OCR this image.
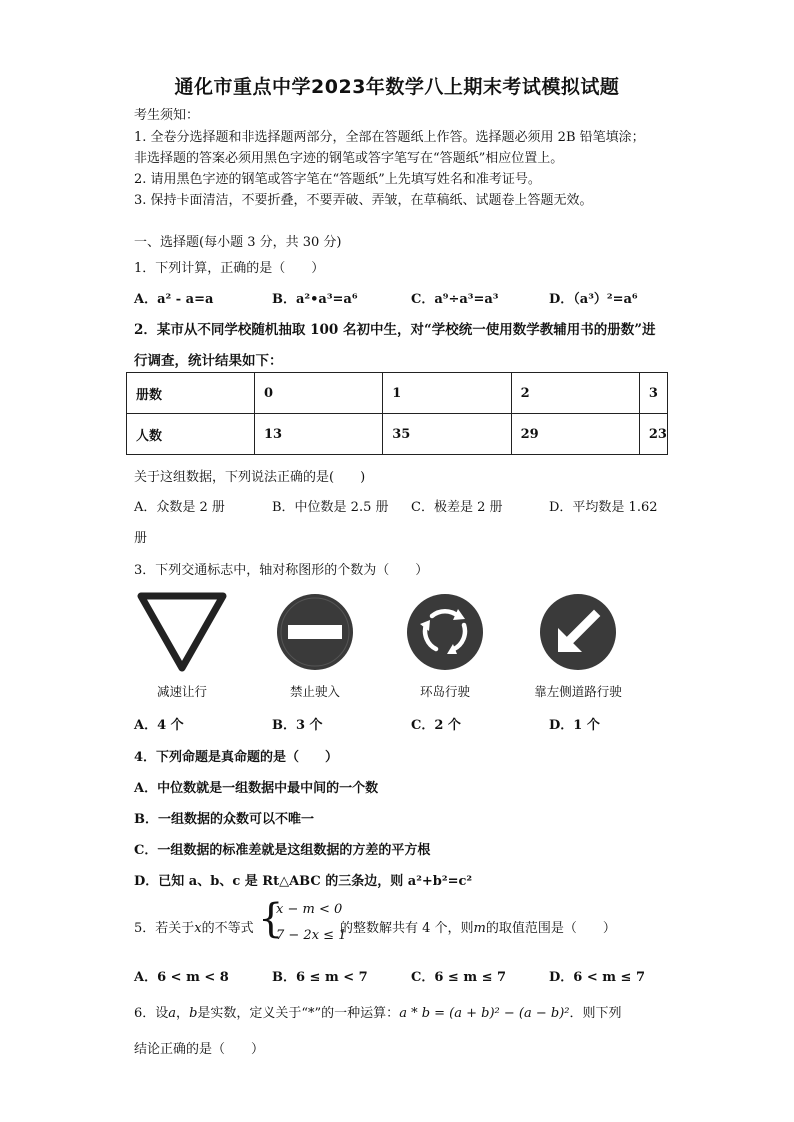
通化市重点中学2023年数学八上期末考试模拟试题
考生须知：
1. 全卷分选择题和非选择题两部分，全部在答题纸上作答。选择题必须用 2B 铅笔填涂；
非选择题的答案必须用黑色字迹的钢笔或答字笔写在“答题纸”相应位置上。
2. 请用黑色字迹的钢笔或答字笔在“答题纸”上先填写姓名和准考证号。
3. 保持卡面清洁，不要折叠，不要弄破、弄皱，在草稿纸、试题卷上答题无效。
一、选择题(每小题 3 分，共 30 分)
1．下列计算，正确的是（　　）
A．a² - a=a	B．a²•a³=a⁶	C．a⁹÷a³=a³	D．（a³）²=a⁶
2．某市从不同学校随机抽取 100 名初中生，对“学校统一使用数学教辅用书的册数”进
行调查，统计结果如下：
册数	0	1	2	3
人数	13	35	29	23
关于这组数据，下列说法正确的是(　　)
A．众数是 2 册	B．中位数是 2.5 册 C．极差是 2 册	D．平均数是 1.62
册
3．下列交通标志中，轴对称图形的个数为（　　）
减速让行	禁止驶入	环岛行驶	靠左侧道路行驶
A．4 个	B．3 个	C．2 个	D．1 个
4．下列命题是真命题的是（　　）
A．中位数就是一组数据中最中间的一个数
B．一组数据的众数可以不唯一
C．一组数据的标准差就是这组数据的方差的平方根
D．已知 a、b、c 是 Rt△ABC 的三条边，则 a²+b²=c²
5．若关于x的不等式 {
x − m < 0
7 − 2x ≤ 1
的整数解共有 4 个，则m的取值范围是（　　）
A．6 < m < 8	B．6 ≤ m < 7	C．6 ≤ m ≤ 7	D．6 < m ≤ 7
6．设a，b是实数，定义关于“*”的一种运算：a * b = (a + b)² − (a − b)²．则下列
结论正确的是（　　）
